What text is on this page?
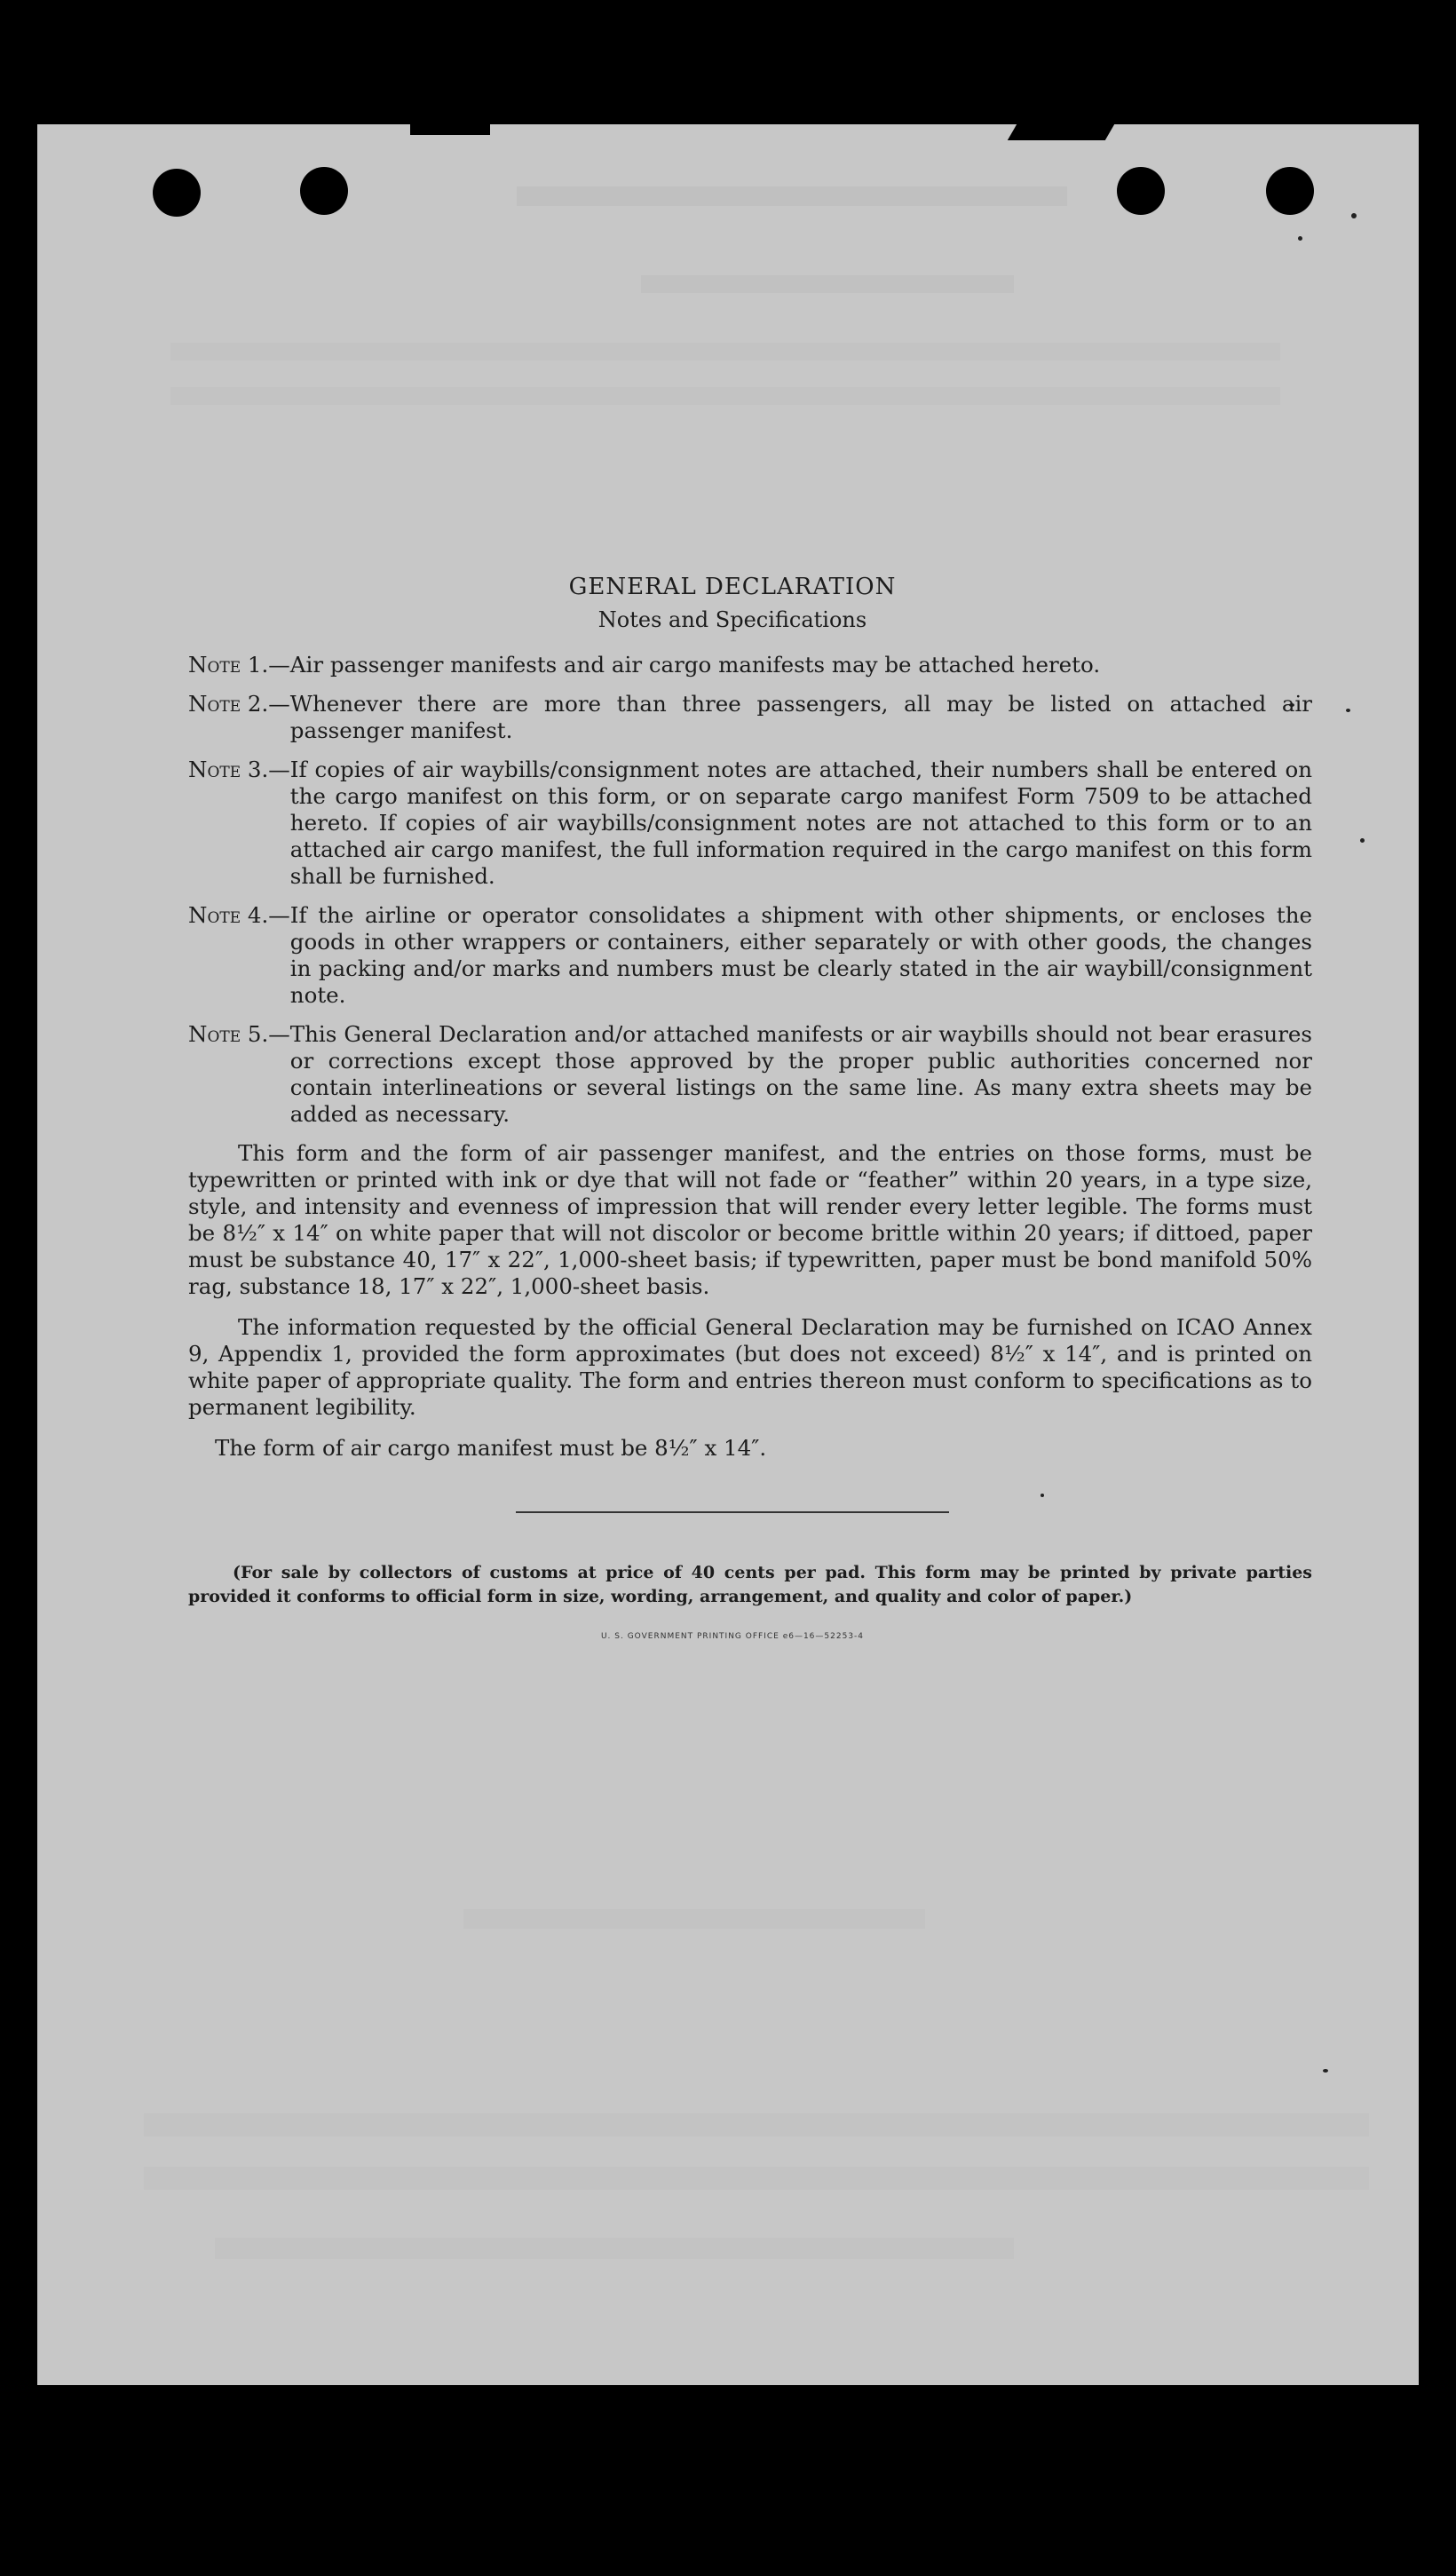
GENERAL DECLARATION
Notes and Specifications
Note 1.— Air passenger manifests and air cargo manifests may be attached hereto.
Note 2.— Whenever there are more than three passengers, all may be listed on attached air passenger manifest.
Note 3.— If copies of air waybills/consignment notes are attached, their numbers shall be entered on the cargo manifest on this form, or on separate cargo manifest Form 7509 to be attached hereto. If copies of air waybills/consignment notes are not attached to this form or to an attached air cargo manifest, the full information required in the cargo manifest on this form shall be furnished.
Note 4.— If the airline or operator consolidates a shipment with other shipments, or encloses the goods in other wrappers or containers, either separately or with other goods, the changes in packing and/or marks and numbers must be clearly stated in the air waybill/consignment note.
Note 5.— This General Declaration and/or attached manifests or air waybills should not bear erasures or corrections except those approved by the proper public authorities concerned nor contain interlineations or several listings on the same line. As many extra sheets may be added as necessary.

This form and the form of air passenger manifest, and the entries on those forms, must be typewritten or printed with ink or dye that will not fade or “feather” within 20 years, in a type size, style, and intensity and evenness of impression that will render every letter legible. The forms must be 8½″ x 14″ on white paper that will not discolor or become brittle within 20 years; if dittoed, paper must be substance 40, 17″ x 22″, 1,000-sheet basis; if typewritten, paper must be bond manifold 50% rag, substance 18, 17″ x 22″, 1,000-sheet basis.

The information requested by the official General Declaration may be furnished on ICAO Annex 9, Appendix 1, provided the form approximates (but does not exceed) 8½″ x 14″, and is printed on white paper of appropriate quality. The form and entries thereon must conform to specifications as to permanent legibility.

The form of air cargo manifest must be 8½″ x 14″.

(For sale by collectors of customs at price of 40 cents per pad. This form may be printed by private parties provided it conforms to official form in size, wording, arrangement, and quality and color of paper.)

U. S. GOVERNMENT PRINTING OFFICE e6—16—52253-4
